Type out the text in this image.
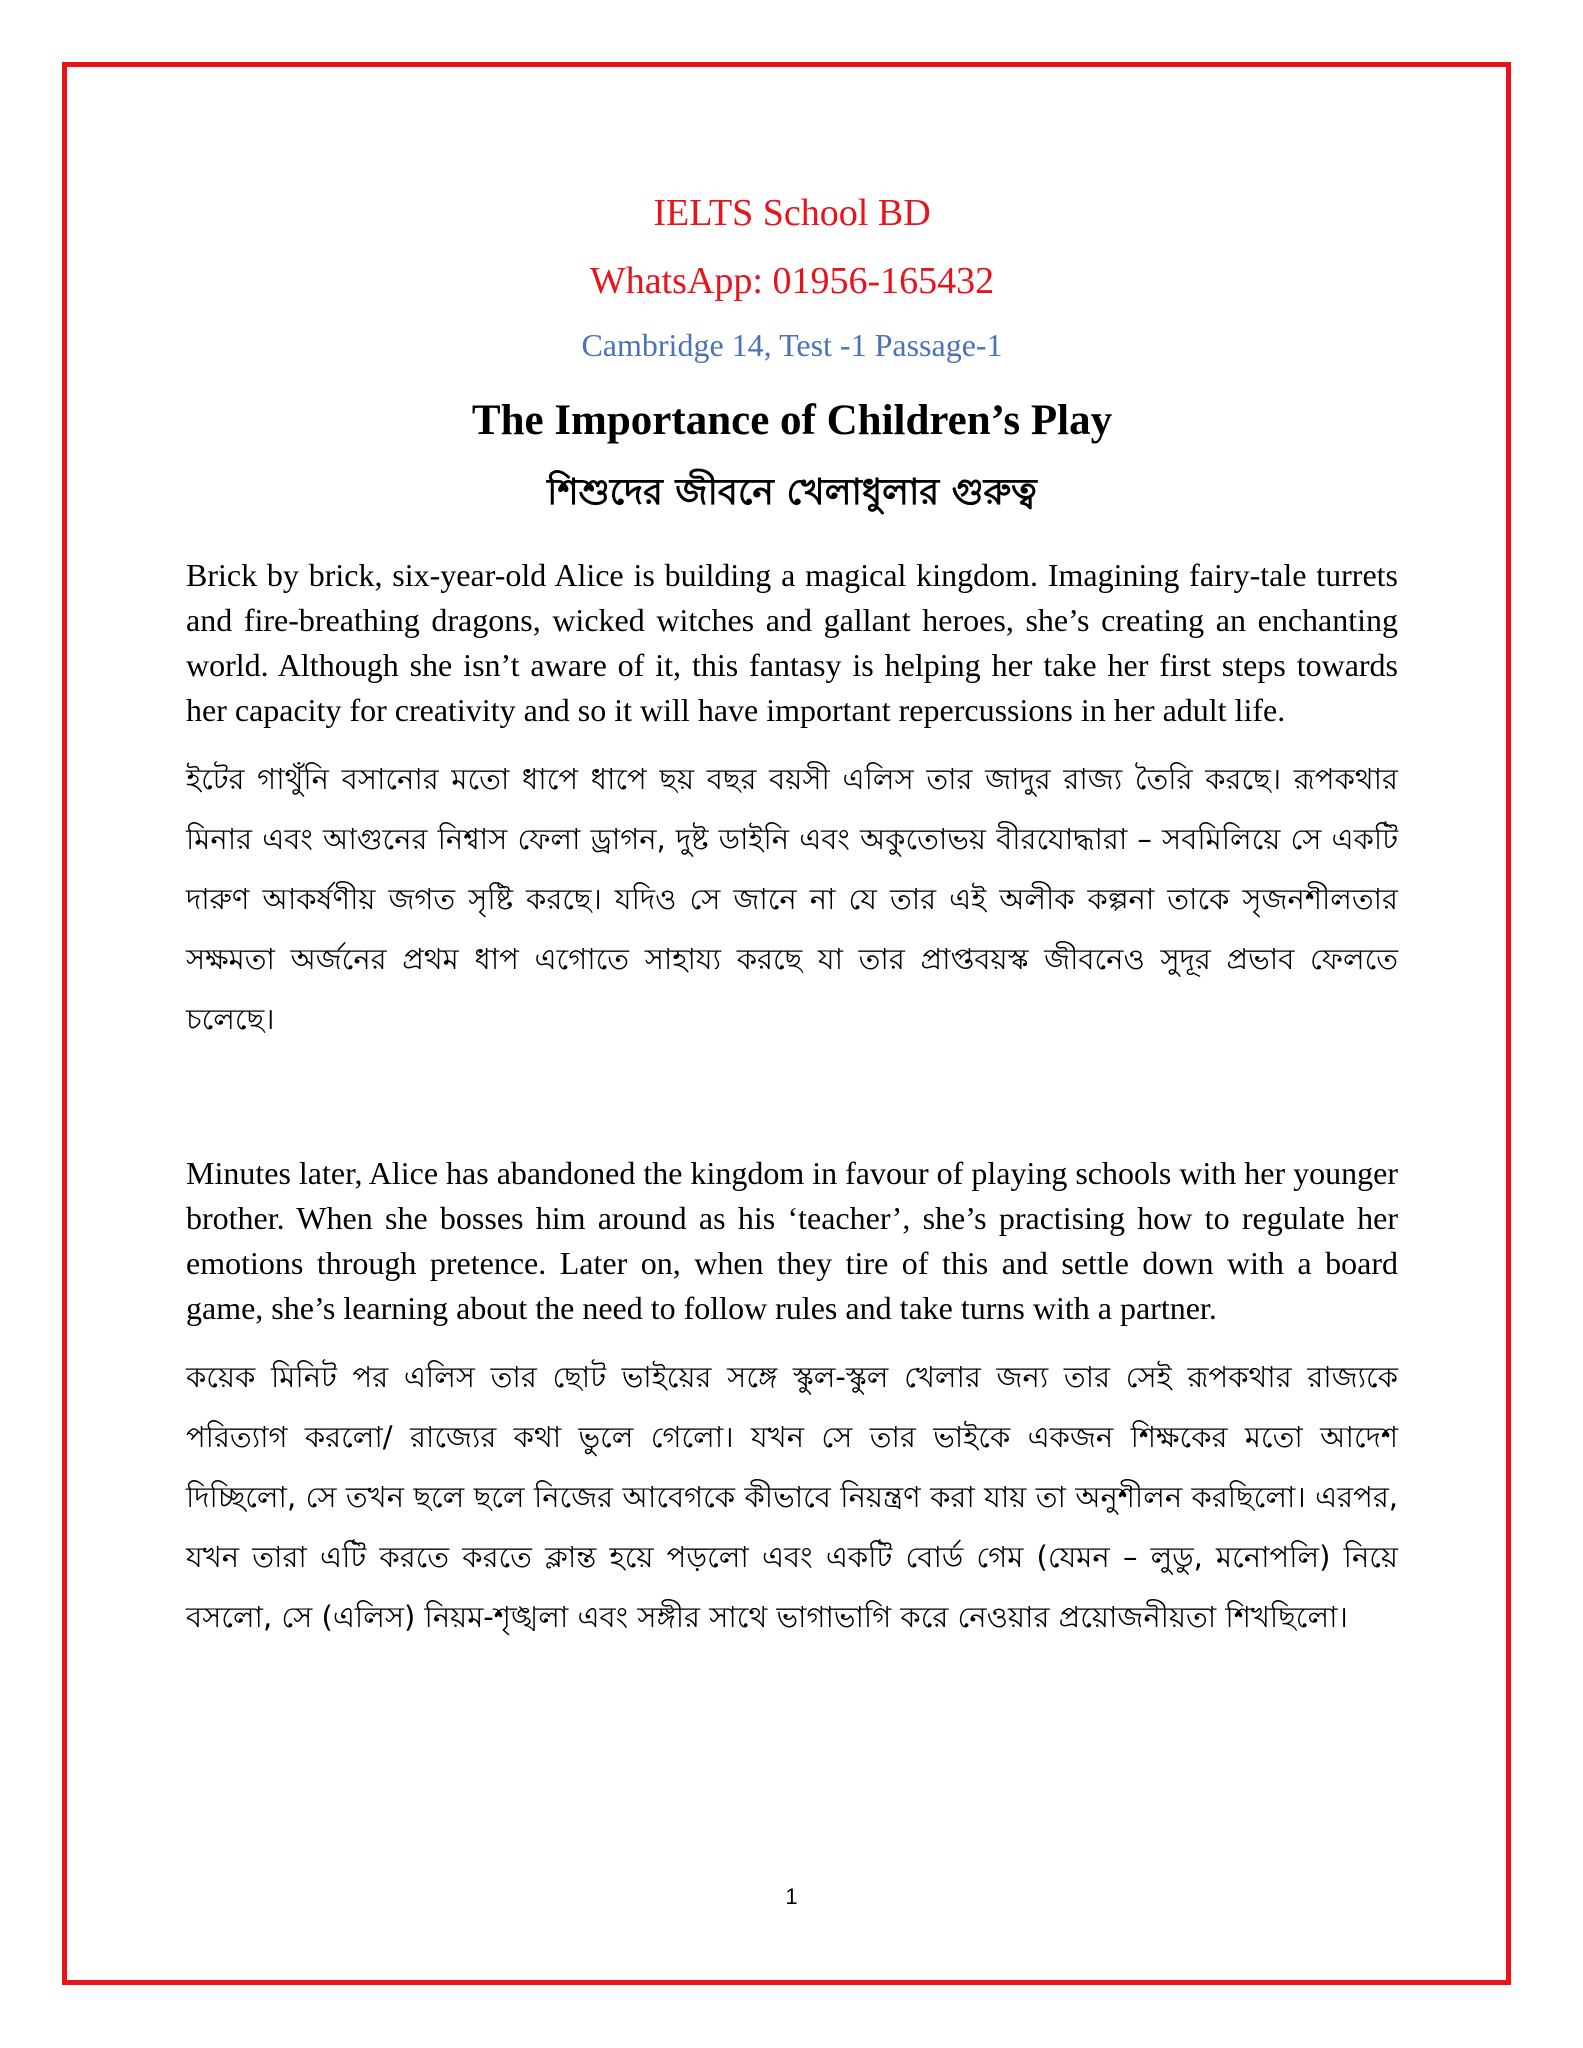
IELTS School BD
WhatsApp: 01956-165432
Cambridge 14, Test -1 Passage-1
The Importance of Children’s Play
শিশুদের জীবনে খেলাধুলার গুরুত্ব

Brick by brick, six-year-old Alice is building a magical kingdom. Imagining fairy-tale turrets and fire-breathing dragons, wicked witches and gallant heroes, she’s creating an enchanting world. Although she isn’t aware of it, this fantasy is helping her take her first steps towards her capacity for creativity and so it will have important repercussions in her adult life.

ইটের গাথুঁনি বসানোর মতো ধাপে ধাপে ছয় বছর বয়সী এলিস তার জাদুর রাজ্য তৈরি করছে। রূপকথার মিনার এবং আগুনের নিশ্বাস ফেলা ড্রাগন, দুষ্ট ডাইনি এবং অকুতোভয় বীরযোদ্ধারা – সবমিলিয়ে সে একটি দারুণ আকর্ষণীয় জগত সৃষ্টি করছে। যদিও সে জানে না যে তার এই অলীক কল্পনা তাকে সৃজনশীলতার সক্ষমতা অর্জনের প্রথম ধাপ এগোতে সাহায্য করছে যা তার প্রাপ্তবয়স্ক জীবনেও সুদূর প্রভাব ফেলতে চলেছে।

Minutes later, Alice has abandoned the kingdom in favour of playing schools with her younger brother. When she bosses him around as his ‘teacher’, she’s practising how to regulate her emotions through pretence. Later on, when they tire of this and settle down with a board game, she’s learning about the need to follow rules and take turns with a partner.

কয়েক মিনিট পর এলিস তার ছোট ভাইয়ের সঙ্গে স্কুল-স্কুল খেলার জন্য তার সেই রূপকথার রাজ্যকে পরিত্যাগ করলো/ রাজ্যের কথা ভুলে গেলো। যখন সে তার ভাইকে একজন শিক্ষকের মতো আদেশ দিচ্ছিলো, সে তখন ছলে ছলে নিজের আবেগকে কীভাবে নিয়ন্ত্রণ করা যায় তা অনুশীলন করছিলো। এরপর, যখন তারা এটি করতে করতে ক্লান্ত হয়ে পড়লো এবং একটি বোর্ড গেম (যেমন – লুডু, মনোপলি) নিয়ে বসলো, সে (এলিস) নিয়ম-শৃঙ্খলা এবং সঙ্গীর সাথে ভাগাভাগি করে নেওয়ার প্রয়োজনীয়তা শিখছিলো।

1
